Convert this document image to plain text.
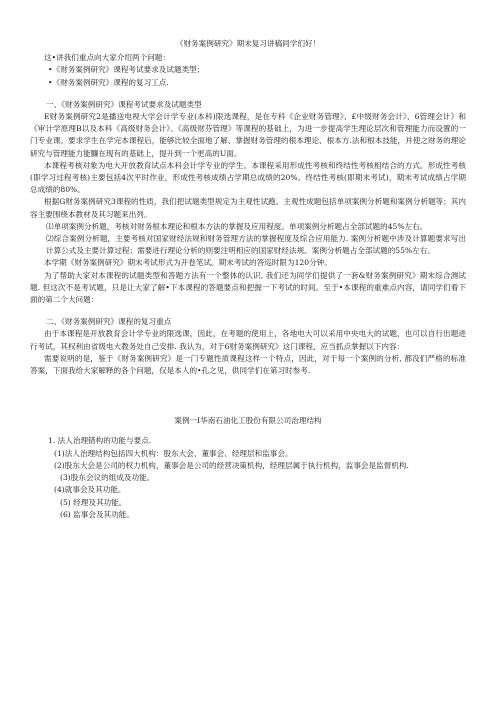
《财务案例研究》期末复习讲稿同学们好！

这•讲我们重点向大家介绍两个问题：

•《财务案例研究》课程考试要求及试题类型；

•《财务案例研究》课程的复习工点.

一、《财务案例研究》课程考试要求及试题类型

E财务案例研究2是播送电视大学会计学专业(本科)限选课程，是在专科《企业财务管理》、£中级财务会计》、6管理会计》和《审计学原理B以及本科《高级财务会计》、《高级财芬管理》等课程的基础上，为进一步提高学生理论层次和管理能力而设置的一门专业课。要求学生在学完本课程后，能够比较全面地了解、掌握财务管理的根本理论、根本方.法和根本技能，并使之财务的理论研究与管理能力能臁在现有的基础上，提升到一个更高的U面。

本课程考核对象为电大开放教育试点本科会计学专业的学生。本课程采用形成性考核和终结性考核相结合的方式。形成性考核(即学习过程考核)主要包括4次平时作业，形成性考核成绩占学期总成绩的20%。终结性考核(即期末考试)，期末考试成绩占学期总成绩的80%。

根据G财务案例研究3课程的性质，我们把试题类型规定为主观性试跑。主观性成题包括单项案例分析题和案例分析题等；其内容主要围绕本教材及其习题来出列。

⑴单项案例分析题，考核对财务根本理论和根本方法的掌握及应用程度。单项案例分析题占全部试题的45%左右。

⑵综合案例分析题，主要考核对国家财经法规和财务管理方法的掌握程度及综合应用能力. 案例分析题中涉及计算题要求写出计算公式及主要计算过程；需要进行理论分析的则要注明相应的国家财经法规。案例分析题占全部试题的55%左右。

本学期《财务案例研究》期末考试形式为开卷笔试。期末考试的答巡时限为120分钟。

为了帮助大家对本课程的试题类型和答题方法有一个整体的认识, 我们还为同学们提供了一套&财务案例研究》期末综合测试题. 但这次不是考试题，只是让大家了解•下本课程的答题要点和把握一下考试的时间。至于•本课程的重难点内容，请同学们看下面的第二个大问题：

二、《财务案例研究》课程的复习重点

由于本课程是开放教育会计学专业的限选课，因此，在考题的使用上，各地电大可以采用中央电大的试题，也可以自行出题进行考试，其权利由省级电大教务处自己安排. 我认为，对于6财务案例研究》这门课程，应当抓点掌握以下内容：

需要说明的是，鉴于《财务案例研究》是一门专题性质课程这样一个特点，因此，对于每一个案例的分析, 都没们严格的标准答案，下面我给大家解释的各个问题，仅是本人的•孔之见，供同学们在第习时参考.

案例一I华南石油化工股份有限公司治理结构

1. 法人治理错构的功能与要点.

(1)法人治理结构包括四大机构：股东大会、董事会、经理层和监事会。

(2)股东大会是公司的权力机构，董事会是公司的经营决策机构，经理层属于执行机构，监事会是监督机构.

(3)股东会议的组成及功能。

(4)就事会及其功能。

(5) 经理及其功能。

(6) 监事会及其功能。
